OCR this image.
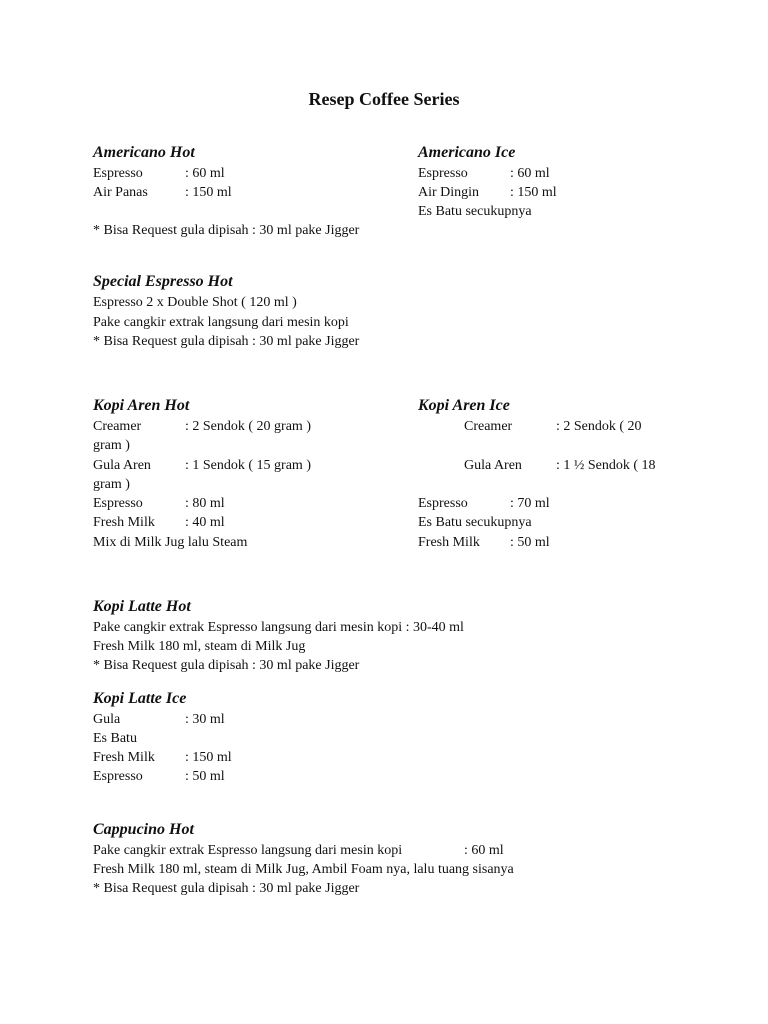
Resep Coffee Series
Americano Hot
Espresso	: 60 ml
Air Panas	: 150 ml
* Bisa Request gula dipisah : 30 ml pake Jigger
Americano Ice
Espresso	: 60 ml
Air Dingin : 150 ml
Es Batu secukupnya
Special Espresso Hot
Espresso 2 x Double Shot ( 120 ml )
Pake cangkir extrak langsung dari mesin kopi
* Bisa Request gula dipisah : 30 ml pake Jigger
Kopi Aren Hot
Creamer	: 2 Sendok ( 20 gram )
gram )
Gula Aren : 1 Sendok ( 15 gram )
gram )
Espresso	: 80 ml
Fresh Milk : 40 ml
Mix di Milk Jug lalu Steam
Kopi Aren Ice
Creamer	: 2 Sendok ( 20
Gula Aren : 1 ½ Sendok ( 18
Espresso	: 70 ml
Es Batu secukupnya
Fresh Milk : 50 ml
Kopi Latte Hot
Pake cangkir extrak Espresso langsung dari mesin kopi : 30-40 ml
Fresh Milk 180 ml, steam di Milk Jug
* Bisa Request gula dipisah : 30 ml pake Jigger
Kopi Latte Ice
Gula	: 30 ml
Es Batu
Fresh Milk : 150 ml
Espresso	: 50 ml
Cappucino Hot
Pake cangkir extrak Espresso langsung dari mesin kopi	: 60 ml
Fresh Milk 180 ml, steam di Milk Jug, Ambil Foam nya, lalu tuang sisanya
* Bisa Request gula dipisah : 30 ml pake Jigger
